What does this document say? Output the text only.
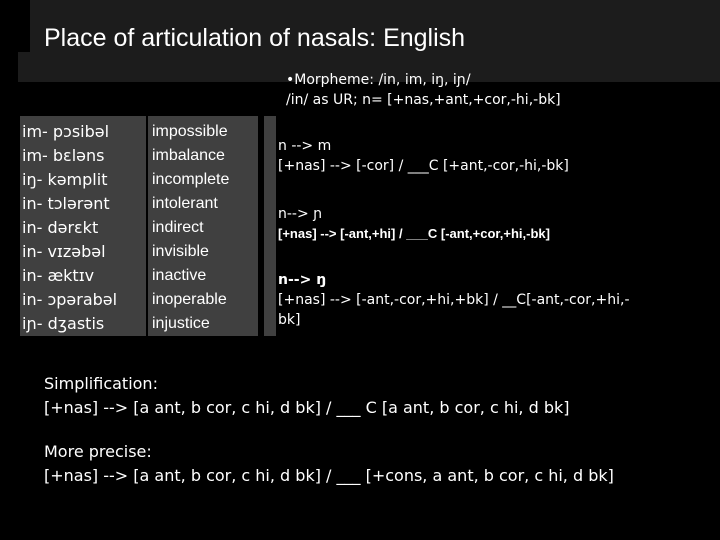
Place of articulation of nasals: English
im- pɔsibəl
im- bɛləns
iŋ- kəmplit
in- tɔlərənt
in- dərɛkt
in- vɪzəbəl
in- æktɪv
in- ɔpərabəl
iɲ- dʒastis
impossible
imbalance
incomplete
intolerant
indirect
invisible
inactive
inoperable
injustice
•Morpheme: /in, im, iŋ, iɲ/
/in/ as UR; n= [+nas,+ant,+cor,-hi,-bk]
n --> m
[+nas] --> [-cor] / ___C [+ant,-cor,-hi,-bk]
n--> ɲ
[+nas] --> [-ant,+hi] / ___C [-ant,+cor,+hi,-bk]
n--> ŋ
[+nas] --> [-ant,-cor,+hi,+bk] / __C[-ant,-cor,+hi,-
bk]
Simplification:
[+nas] --> [a ant, b cor, c hi, d bk] / ___ C [a ant, b cor, c hi, d bk]
More precise:
[+nas] --> [a ant, b cor, c hi, d bk] / ___ [+cons, a ant, b cor, c hi, d bk]
